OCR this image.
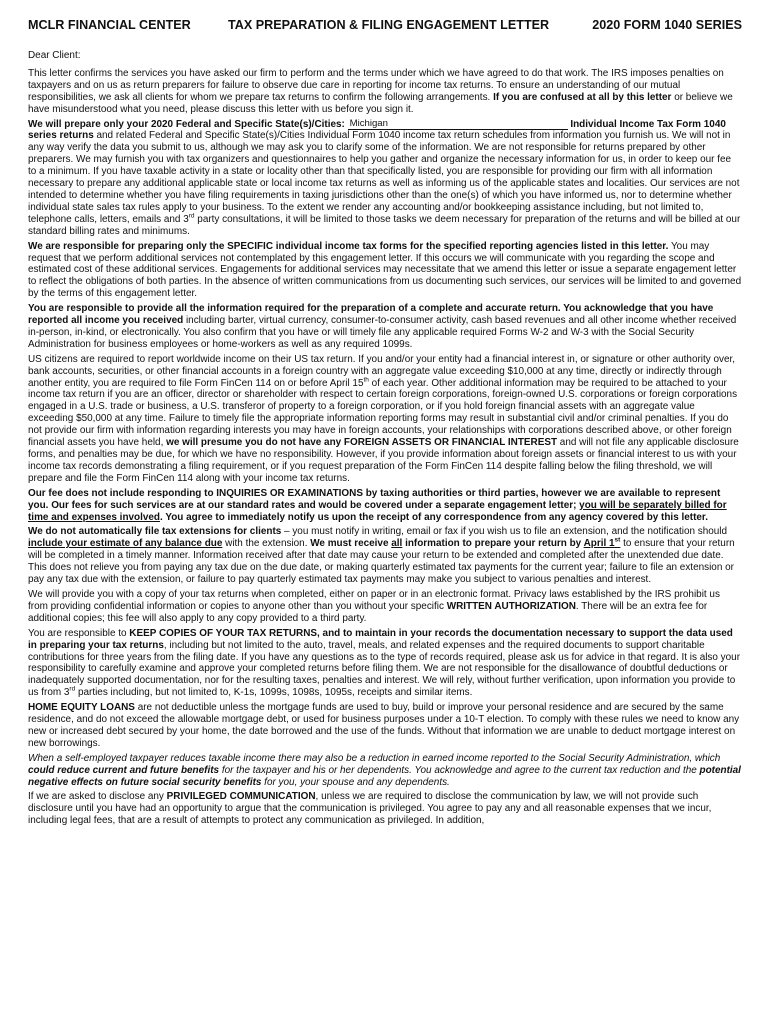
MCLR FINANCIAL CENTER	TAX PREPARATION & FILING ENGAGEMENT LETTER	2020 FORM 1040 SERIES

Dear Client:

This letter confirms the services you have asked our firm to perform and the terms under which we have agreed to do that work. The IRS imposes penalties on taxpayers and on us as return preparers for failure to observe due care in reporting for income tax returns. To ensure an understanding of our mutual responsibilities, we ask all clients for whom we prepare tax returns to confirm the following arrangements. If you are confused at all by this letter or believe we have misunderstood what you need, please discuss this letter with us before you sign it.

We will prepare only your 2020 Federal and Specific State(s)/Cities: Michigan	Individual Income Tax Form 1040 series returns and related Federal and Specific State(s)/Cities Individual Form 1040 income tax return schedules from information you furnish us. We will not in any way verify the data you submit to us, although we may ask you to clarify some of the information. We are not responsible for returns prepared by other preparers. We may furnish you with tax organizers and questionnaires to help you gather and organize the necessary information for us, in order to keep our fee to a minimum. If you have taxable activity in a state or locality other than that specifically listed, you are responsible for providing our firm with all information necessary to prepare any additional applicable state or local income tax returns as well as informing us of the applicable states and localities. Our services are not intended to determine whether you have filing requirements in taxing jurisdictions other than the one(s) of which you have informed us, nor to determine whether individual state sales tax rules apply to your business. To the extent we render any accounting and/or bookkeeping assistance including, but not limited to, telephone calls, letters, emails and 3rd party consultations, it will be limited to those tasks we deem necessary for preparation of the returns and will be billed at our standard billing rates and minimums.

We are responsible for preparing only the SPECIFIC individual income tax forms for the specified reporting agencies listed in this letter. You may request that we perform additional services not contemplated by this engagement letter. If this occurs we will communicate with you regarding the scope and estimated cost of these additional services. Engagements for additional services may necessitate that we amend this letter or issue a separate engagement letter to reflect the obligations of both parties. In the absence of written communications from us documenting such services, our services will be limited to and governed by the terms of this engagement letter.

You are responsible to provide all the information required for the preparation of a complete and accurate return. You acknowledge that you have reported all income you received including barter, virtual currency, consumer-to-consumer activity, cash based revenues and all other income whether received in-person, in-kind, or electronically. You also confirm that you have or will timely file any applicable required Forms W-2 and W-3 with the Social Security Administration for business employees or home-workers as well as any required 1099s.

US citizens are required to report worldwide income on their US tax return. If you and/or your entity had a financial interest in, or signature or other authority over, bank accounts, securities, or other financial accounts in a foreign country with an aggregate value exceeding $10,000 at any time, directly or indirectly through another entity, you are required to file Form FinCen 114 on or before April 15th of each year. Other additional information may be required to be attached to your income tax return if you are an officer, director or shareholder with respect to certain foreign corporations, foreign-owned U.S. corporations or foreign corporations engaged in a U.S. trade or business, a U.S. transferor of property to a foreign corporation, or if you hold foreign financial assets with an aggregate value exceeding $50,000 at any time. Failure to timely file the appropriate information reporting forms may result in substantial civil and/or criminal penalties. If you do not provide our firm with information regarding interests you may have in foreign accounts, your relationships with corporations described above, or other foreign financial assets you have held, we will presume you do not have any FOREIGN ASSETS OR FINANCIAL INTEREST and will not file any applicable disclosure forms, and penalties may be due, for which we have no responsibility. However, if you provide information about foreign assets or financial interest to us with your income tax records demonstrating a filing requirement, or if you request preparation of the Form FinCen 114 despite falling below the filing threshold, we will prepare and file the Form FinCen 114 along with your income tax returns.

Our fee does not include responding to INQUIRIES OR EXAMINATIONS by taxing authorities or third parties, however we are available to represent you. Our fees for such services are at our standard rates and would be covered under a separate engagement letter; you will be separately billed for time and expenses involved. You agree to immediately notify us upon the receipt of any correspondence from any agency covered by this letter.

We do not automatically file tax extensions for clients – you must notify in writing, email or fax if you wish us to file an extension, and the notification should include your estimate of any balance due with the extension. We must receive all information to prepare your return by April 1st to ensure that your return will be completed in a timely manner. Information received after that date may cause your return to be extended and completed after the unextended due date. This does not relieve you from paying any tax due on the due date, or making quarterly estimated tax payments for the current year; failure to file an extension or pay any tax due with the extension, or failure to pay quarterly estimated tax payments may make you subject to various penalties and interest.

We will provide you with a copy of your tax returns when completed, either on paper or in an electronic format. Privacy laws established by the IRS prohibit us from providing confidential information or copies to anyone other than you without your specific WRITTEN AUTHORIZATION. There will be an extra fee for additional copies; this fee will also apply to any copy provided to a third party.

You are responsible to KEEP COPIES OF YOUR TAX RETURNS, and to maintain in your records the documentation necessary to support the data used in preparing your tax returns, including but not limited to the auto, travel, meals, and related expenses and the required documents to support charitable contributions for three years from the filing date. If you have any questions as to the type of records required, please ask us for advice in that regard. It is also your responsibility to carefully examine and approve your completed returns before filing them. We are not responsible for the disallowance of doubtful deductions or inadequately supported documentation, nor for the resulting taxes, penalties and interest. We will rely, without further verification, upon information you provide to us from 3rd parties including, but not limited to, K-1s, 1099s, 1098s, 1095s, receipts and similar items.

HOME EQUITY LOANS are not deductible unless the mortgage funds are used to buy, build or improve your personal residence and are secured by the same residence, and do not exceed the allowable mortgage debt, or used for business purposes under a 10-T election. To comply with these rules we need to know any new or increased debt secured by your home, the date borrowed and the use of the funds. Without that information we are unable to deduct mortgage interest on new borrowings.

When a self-employed taxpayer reduces taxable income there may also be a reduction in earned income reported to the Social Security Administration, which could reduce current and future benefits for the taxpayer and his or her dependents. You acknowledge and agree to the current tax reduction and the potential negative effects on future social security benefits for you, your spouse and any dependents.

If we are asked to disclose any PRIVILEGED COMMUNICATION, unless we are required to disclose the communication by law, we will not provide such disclosure until you have had an opportunity to argue that the communication is privileged. You agree to pay any and all reasonable expenses that we incur, including legal fees, that are a result of attempts to protect any communication as privileged. In addition,
